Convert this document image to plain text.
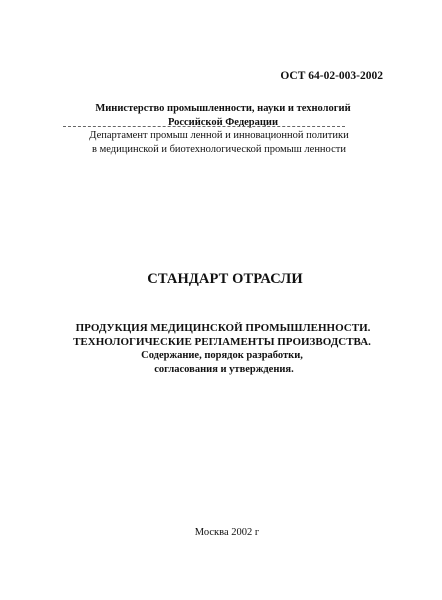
ОСТ 64-02-003-2002
Министерство промышленности, науки и технологий
Российской Федерации
Департамент промыш ленной и инновационной политики
в медицинской и биотехнологической промыш ленности
СТАНДАРТ ОТРАСЛИ
ПРОДУКЦИЯ МЕДИЦИНСКОЙ ПРОМЫШЛЕННОСТИ.
ТЕХНОЛОГИЧЕСКИЕ РЕГЛАМЕНТЫ ПРОИЗВОДСТВА.
Содержание, порядок разработки,
согласования и утверждения.
Москва 2002 г
